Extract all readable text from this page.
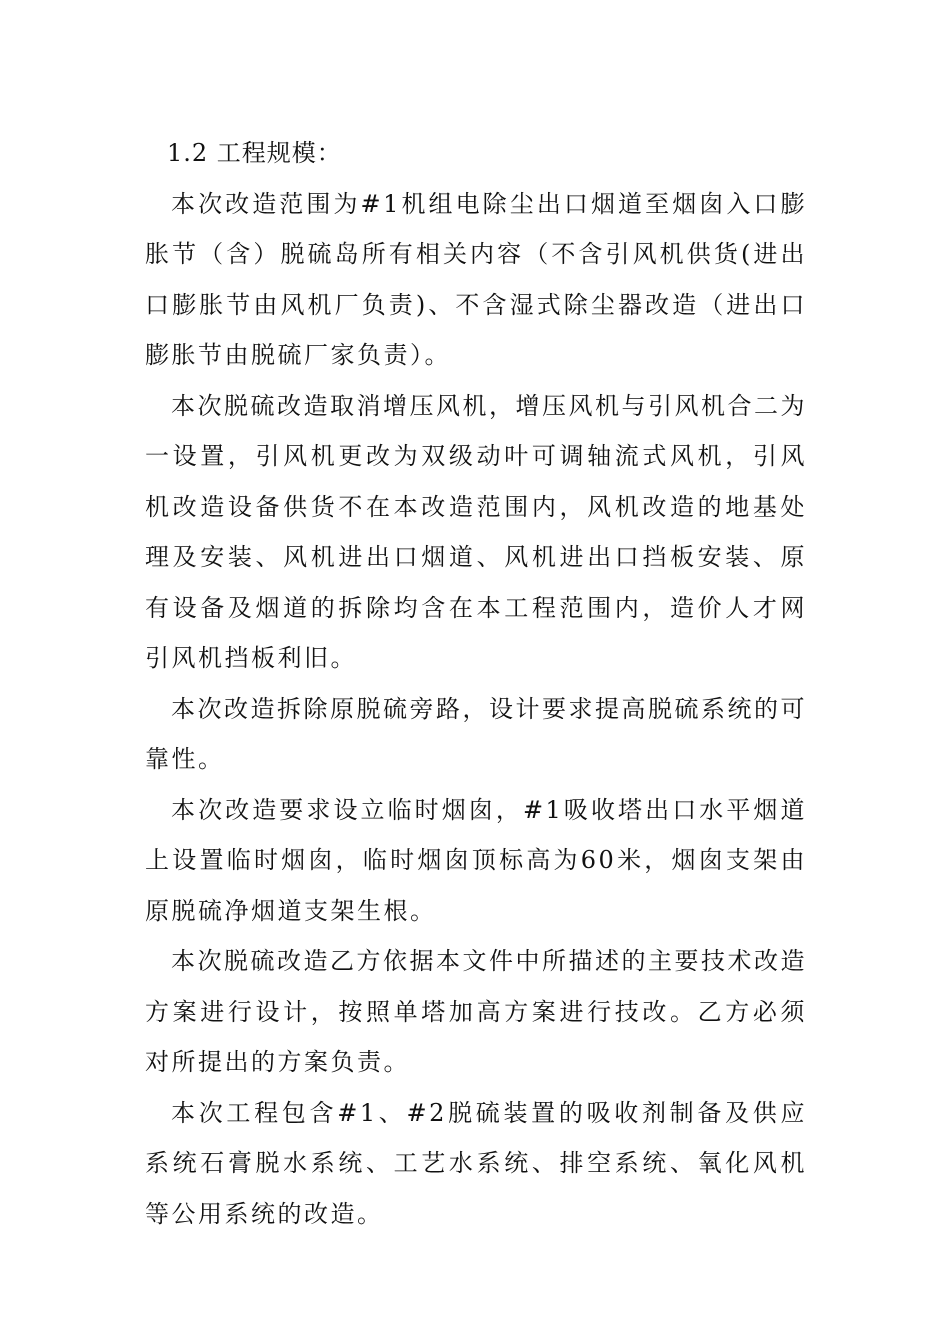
1.2 工程规模：

本次改造范围为#1机组电除尘出口烟道至烟囱入口膨胀节（含）脱硫岛所有相关内容（不含引风机供货(进出口膨胀节由风机厂负责)、不含湿式除尘器改造（进出口膨胀节由脱硫厂家负责）。

本次脱硫改造取消增压风机，增压风机与引风机合二为一设置，引风机更改为双级动叶可调轴流式风机，引风机改造设备供货不在本改造范围内，风机改造的地基处理及安装、风机进出口烟道、风机进出口挡板安装、原有设备及烟道的拆除均含在本工程范围内，造价人才网引风机挡板利旧。

本次改造拆除原脱硫旁路，设计要求提高脱硫系统的可靠性。

本次改造要求设立临时烟囱，#1吸收塔出口水平烟道上设置临时烟囱，临时烟囱顶标高为60米，烟囱支架由原脱硫净烟道支架生根。

本次脱硫改造乙方依据本文件中所描述的主要技术改造方案进行设计，按照单塔加高方案进行技改。乙方必须对所提出的方案负责。

本次工程包含#1、#2脱硫装置的吸收剂制备及供应系统石膏脱水系统、工艺水系统、排空系统、氧化风机等公用系统的改造。
